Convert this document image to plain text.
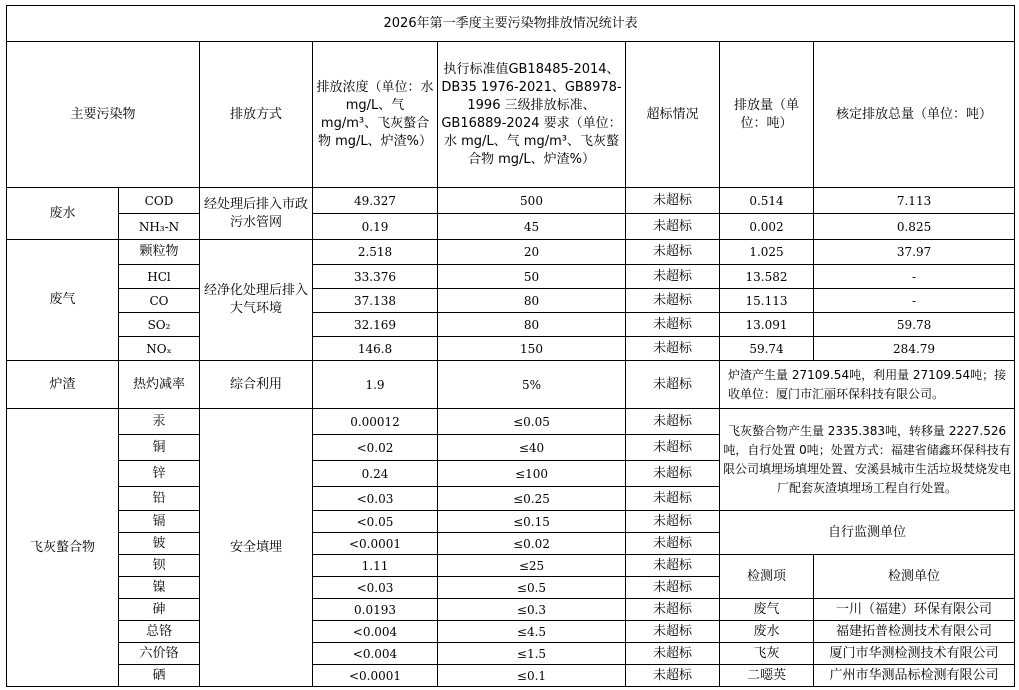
2026年第一季度主要污染物排放情况统计表							
主要污染物		排放方式	排放浓度（单位：水 mg/L、气 mg/m³、飞灰螯合物 mg/L、炉渣%）	执行标准值GB18485-2014、DB35 1976-2021、GB8978-1996 三级排放标准、GB16889-2024 要求（单位：水 mg/L、气 mg/m³、飞灰螯合物 mg/L、炉渣%）	超标情况	排放量（单位：吨）	核定排放总量（单位：吨）
废水	COD	经处理后排入市政污水管网	49.327	500	未超标	0.514	7.113
	NH₃-N		0.19	45	未超标	0.002	0.825
废气	颗粒物	经净化处理后排入大气环境	2.518	20	未超标	1.025	37.97
	HCl		33.376	50	未超标	13.582	-
	CO		37.138	80	未超标	15.113	-
	SO₂		32.169	80	未超标	13.091	59.78
	NOₓ		146.8	150	未超标	59.74	284.79
炉渣	热灼减率	综合利用	1.9	5%	未超标	炉渣产生量 27109.54吨，利用量 27109.54吨；接收单位：厦门市汇丽环保科技有限公司。	
飞灰螯合物	汞	安全填埋	0.00012	≤0.05	未超标	飞灰螯合物产生量 2335.383吨，转移量 2227.526吨，自行处置 0吨；处置方式：福建省储鑫环保科技有限公司填埋场填埋处置、安溪县城市生活垃圾焚烧发电厂配套灰渣填埋场工程自行处置。	
	铜		<0.02	≤40	未超标		
	锌		0.24	≤100	未超标		
	铅		<0.03	≤0.25	未超标		
	镉		<0.05	≤0.15	未超标	自行监测单位	
	铍		<0.0001	≤0.02	未超标		
	钡		1.11	≤25	未超标	检测项	检测单位
	镍		<0.03	≤0.5	未超标		
	砷		0.0193	≤0.3	未超标	废气	一川（福建）环保有限公司
	总铬		<0.004	≤4.5	未超标	废水	福建拓普检测技术有限公司
	六价铬		<0.004	≤1.5	未超标	飞灰	厦门市华测检测技术有限公司
	硒		<0.0001	≤0.1	未超标	二噁英	广州市华测品标检测有限公司
